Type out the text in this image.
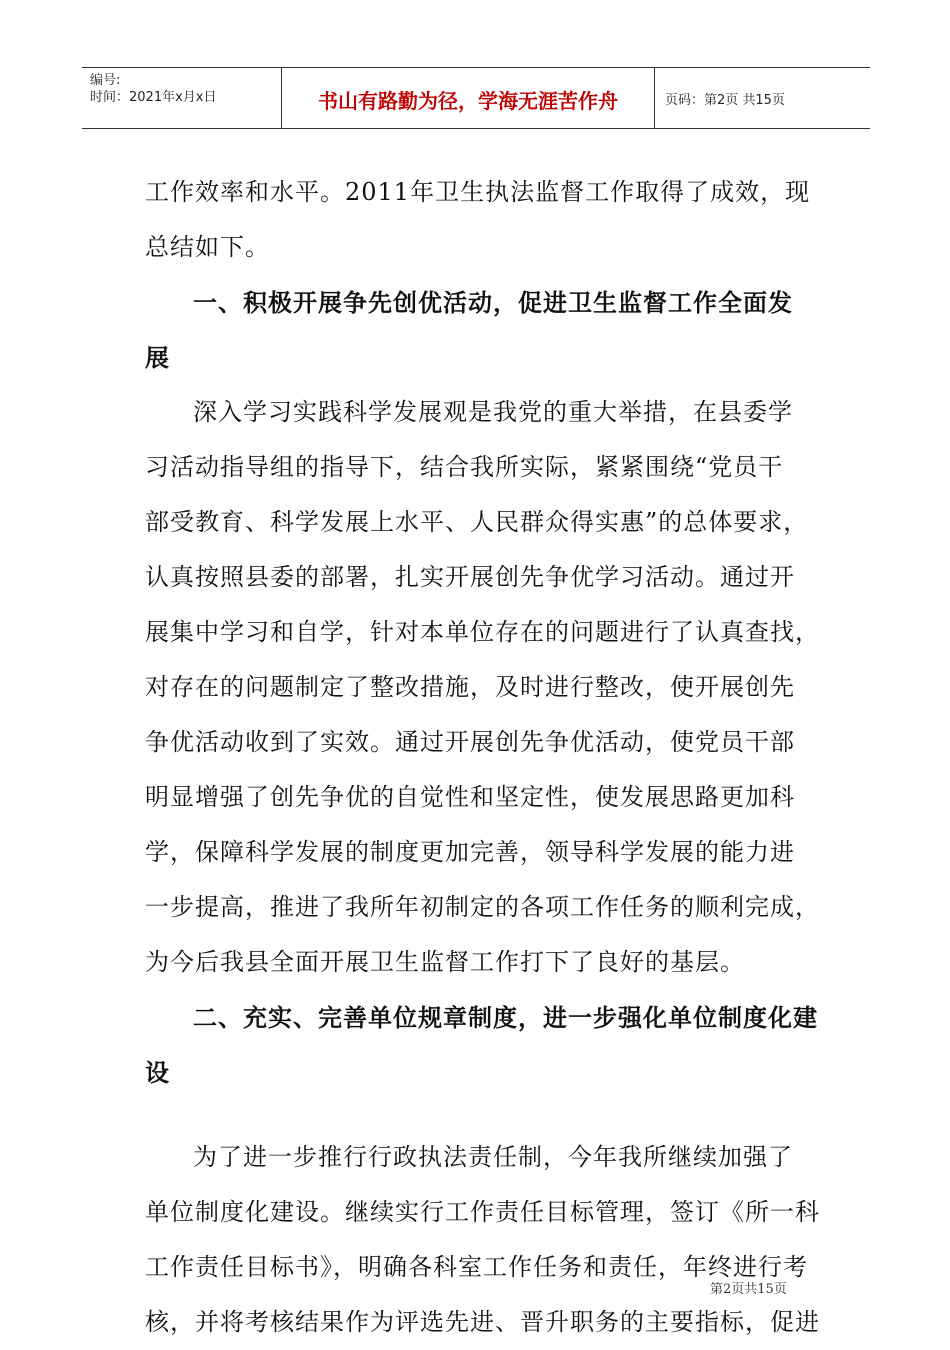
编号:
时间：2021年x月x日	书山有路勤为径，学海无涯苦作舟	页码：第2页 共15页
工作效率和水平。2011年卫生执法监督工作取得了成效，现
总结如下。
一、积极开展争先创优活动，促进卫生监督工作全面发
展
深入学习实践科学发展观是我党的重大举措，在县委学
习活动指导组的指导下，结合我所实际，紧紧围绕“党员干
部受教育、科学发展上水平、人民群众得实惠”的总体要求，
认真按照县委的部署，扎实开展创先争优学习活动。通过开
展集中学习和自学，针对本单位存在的问题进行了认真查找，
对存在的问题制定了整改措施，及时进行整改，使开展创先
争优活动收到了实效。通过开展创先争优活动，使党员干部
明显增强了创先争优的自觉性和坚定性，使发展思路更加科
学，保障科学发展的制度更加完善，领导科学发展的能力进
一步提高，推进了我所年初制定的各项工作任务的顺利完成，
为今后我县全面开展卫生监督工作打下了良好的基层。
二、充实、完善单位规章制度，进一步强化单位制度化建
设
为了进一步推行行政执法责任制，今年我所继续加强了
单位制度化建设。继续实行工作责任目标管理，签订《所一科
工作责任目标书》，明确各科室工作任务和责任，年终进行考
核，并将考核结果作为评选先进、晋升职务的主要指标，促进
第2页共15页
